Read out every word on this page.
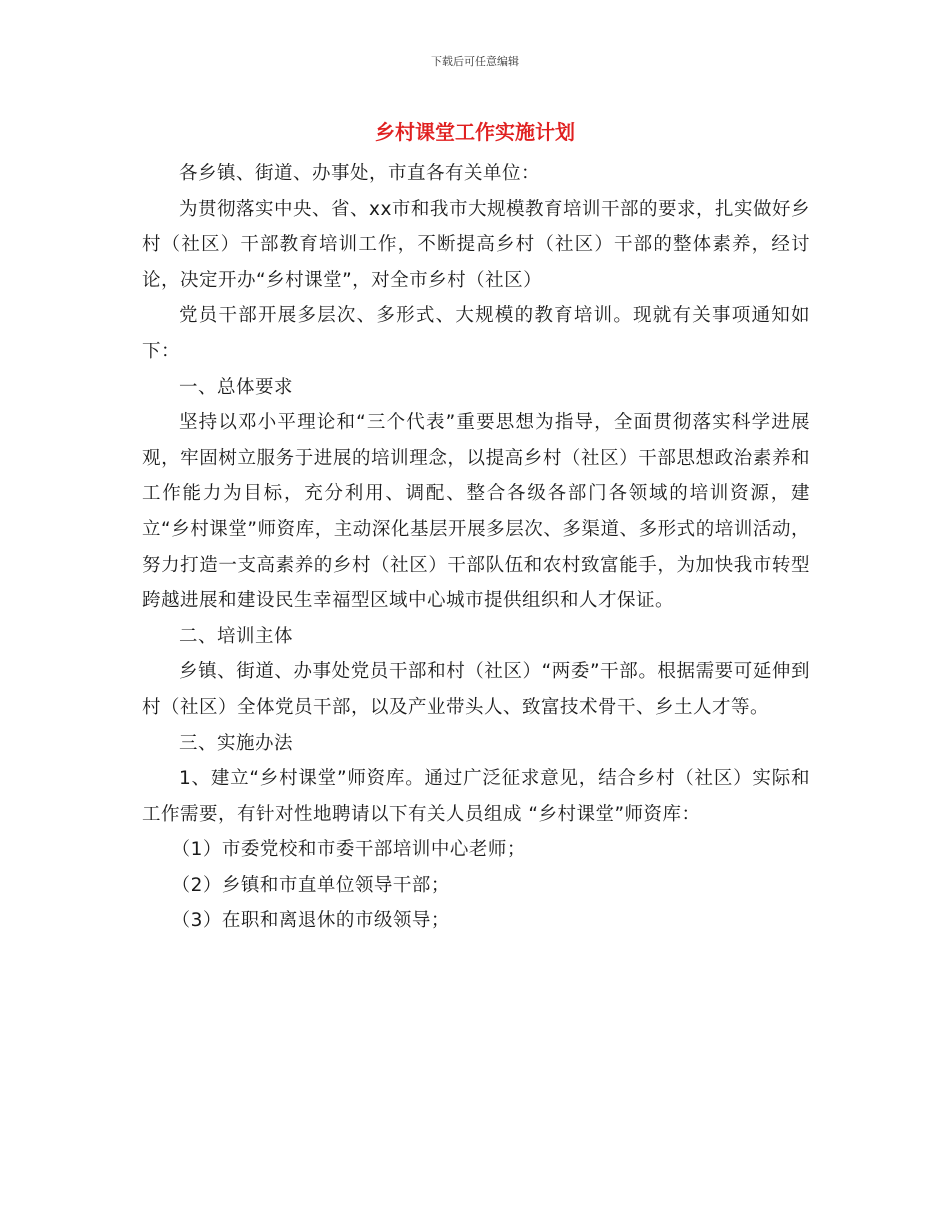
下载后可任意编辑
乡村课堂工作实施计划

各乡镇、街道、办事处，市直各有关单位：

为贯彻落实中央、省、xx市和我市大规模教育培训干部的要求，扎实做好乡村（社区）干部教育培训工作，不断提高乡村（社区）干部的整体素养，经讨论，决定开办“乡村课堂”，对全市乡村（社区）

党员干部开展多层次、多形式、大规模的教育培训。现就有关事项通知如下：

一、总体要求

坚持以邓小平理论和“三个代表”重要思想为指导，全面贯彻落实科学进展观，牢固树立服务于进展的培训理念，以提高乡村（社区）干部思想政治素养和工作能力为目标，充分利用、调配、整合各级各部门各领域的培训资源，建立“乡村课堂”师资库，主动深化基层开展多层次、多渠道、多形式的培训活动，努力打造一支高素养的乡村（社区）干部队伍和农村致富能手，为加快我市转型跨越进展和建设民生幸福型区域中心城市提供组织和人才保证。

二、培训主体

乡镇、街道、办事处党员干部和村（社区）“两委”干部。根据需要可延伸到村（社区）全体党员干部，以及产业带头人、致富技术骨干、乡土人才等。

三、实施办法

1、建立“乡村课堂”师资库。通过广泛征求意见，结合乡村（社区）实际和工作需要，有针对性地聘请以下有关人员组成 “乡村课堂”师资库：

（1）市委党校和市委干部培训中心老师；

（2）乡镇和市直单位领导干部；

（3）在职和离退休的市级领导；
